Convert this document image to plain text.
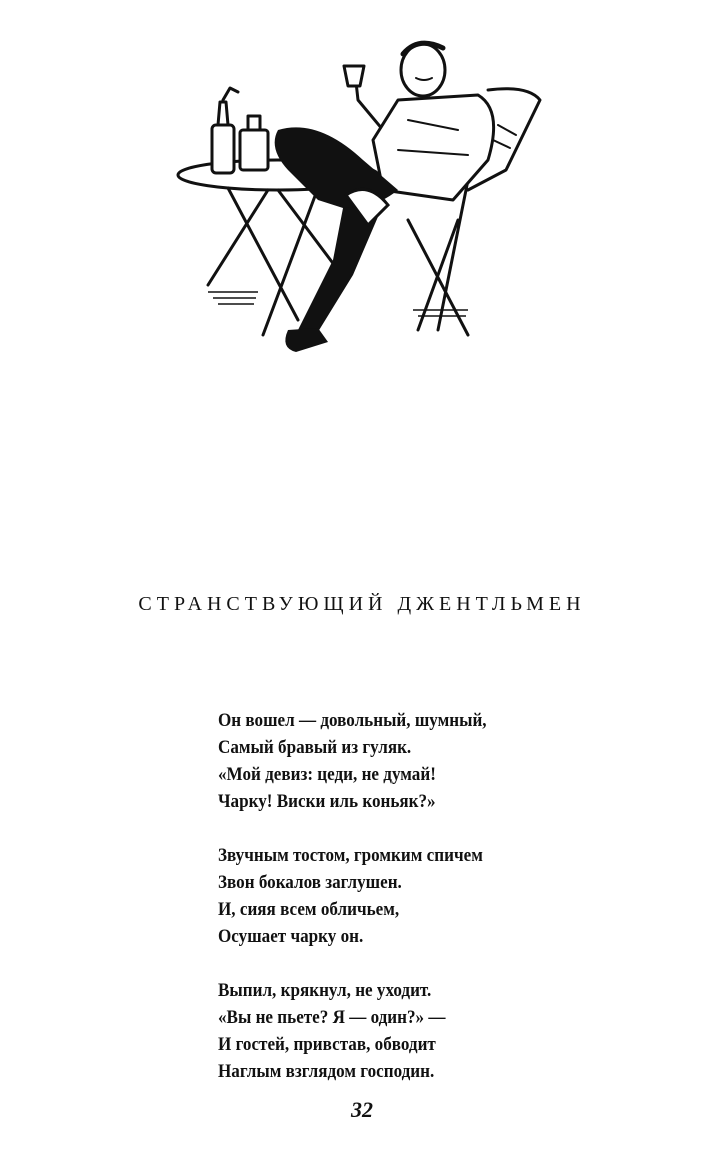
СТРАНСТВУЮЩИЙ ДЖЕНТЛЬМЕН
Он вошел — довольный, шумный,
Самый бравый из гуляк.
«Мой девиз: цеди, не думай!
Чарку! Виски иль коньяк?»
Звучным тостом, громким спичем
Звон бокалов заглушен.
И, сияя всем обличьем,
Осушает чарку он.
Выпил, крякнул, не уходит.
«Вы не пьете? Я — один?» —
И гостей, привстав, обводит
Наглым взглядом господин.
32
